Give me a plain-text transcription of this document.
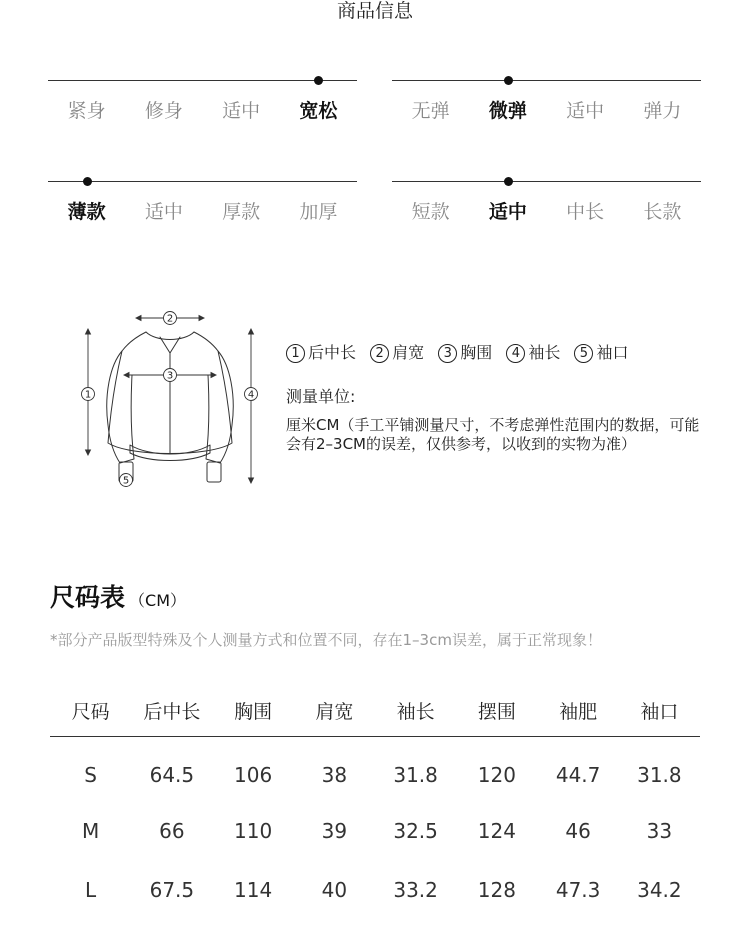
商品信息
紧身	修身	适中	宽松	无弹	微弹	适中	弹力
薄款	适中	厚款	加厚	短款	适中	中长	长款
2
3
1	4
5
1 后中长 2 肩宽 3 胸围 4 袖长 5 袖口
测量单位:
厘米CM（手工平铺测量尺寸，不考虑弹性范围内的数据，可能会有2–3CM的误差，仅供参考，以收到的实物为准）
尺码表 （CM）
*部分产品版型特殊及个人测量方式和位置不同，存在1–3cm误差，属于正常现象！
尺码	后中长	胸围	肩宽	袖长	摆围	袖肥	袖口
S	64.5	106	38	31.8	120	44.7	31.8
M	66	110	39	32.5	124	46	33
L	67.5	114	40	33.2	128	47.3	34.2
